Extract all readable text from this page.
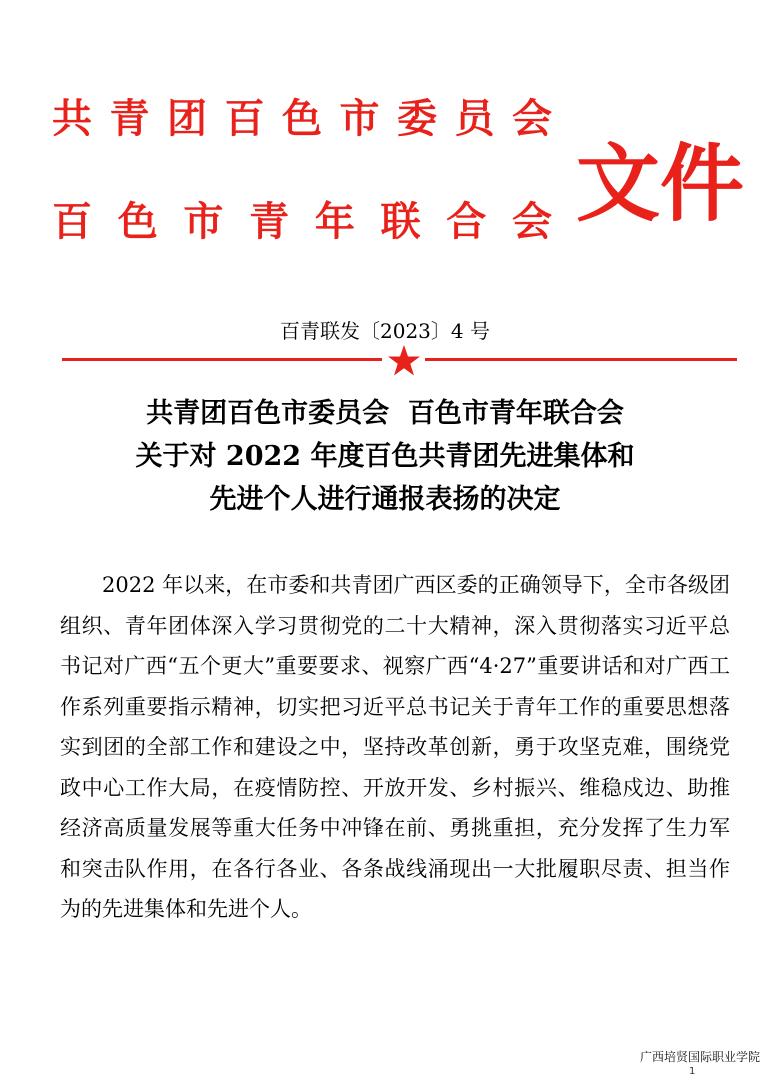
共青团百色市委员会
百色市青年联合会 文件
百青联发〔2023〕4 号
共青团百色市委员会  百色市青年联合会
关于对 2022 年度百色共青团先进集体和
先进个人进行通报表扬的决定

2022 年以来，在市委和共青团广西区委的正确领导下，全市各级团组织、青年团体深入学习贯彻党的二十大精神，深入贯彻落实习近平总书记对广西“五个更大”重要要求、视察广西“4·27”重要讲话和对广西工作系列重要指示精神，切实把习近平总书记关于青年工作的重要思想落实到团的全部工作和建设之中，坚持改革创新，勇于攻坚克难，围绕党政中心工作大局，在疫情防控、开放开发、乡村振兴、维稳戍边、助推经济高质量发展等重大任务中冲锋在前、勇挑重担，充分发挥了生力军和突击队作用，在各行各业、各条战线涌现出一大批履职尽责、担当作为的先进集体和先进个人。

广西培贤国际职业学院
1
